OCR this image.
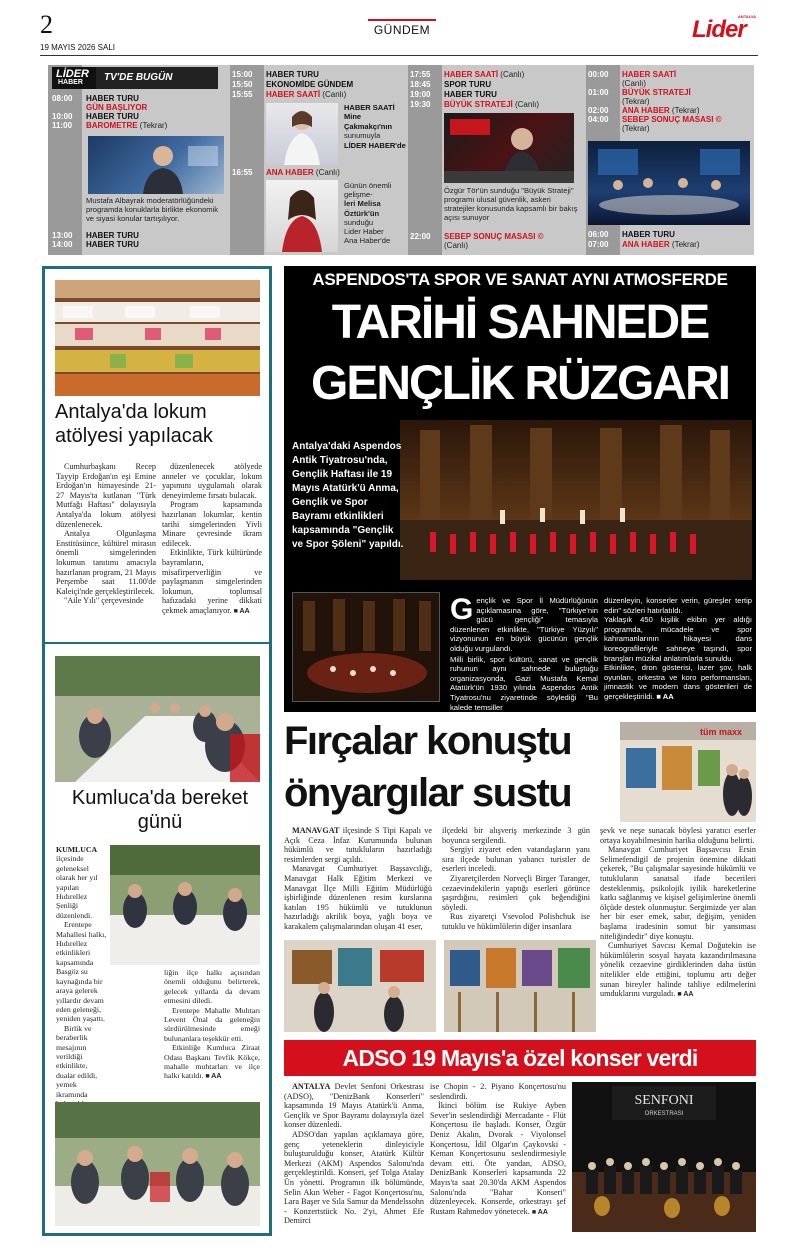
2
19 MAYIS 2026 SALI
GÜNDEM
ANTALYA
Lider
LİDER
HABER TV'DE BUGÜN
08:00
10:00
11:00
HABER TURU
GÜN BAŞLIYOR
HABER TURU
BAROMETRE (Tekrar)
Mustafa Albayrak moderatörlüğündeki programda konuklarla birlikte ekonomik ve siyasi konular tartışılıyor.
13:00
14:00
HABER TURU
HABER TURU
15:00
15:50
15:55
HABER TURU
EKONOMİDE GÜNDEM
HABER SAATİ (Canlı)
HABER SAATİ
Mine
Çakmakçı'nın
sunumuyla
LİDER HABER'de
16:55 ANA HABER (Canlı)
Günün önemli
gelişme-
leri Melisa
Öztürk'ün
sunduğu
Lider Haber
Ana Haber'de
17:55
18:45
19:00
19:30
HABER SAATİ (Canlı)
SPOR TURU
HABER TURU
BÜYÜK STRATEJİ (Canlı)
Özgür Tör'ün sunduğu "Büyük Strateji" programı ulusal güvenlik, askeri stratejiler konusunda kapsamlı bir bakış açısı sunuyor
22:00 SEBEP SONUÇ MASASI ©
(Canlı)
00:00
01:00
02:00
04:00
HABER SAATİ
(Canlı)
BÜYÜK STRATEJİ
(Tekrar)
ANA HABER (Tekrar)
SEBEP SONUÇ MASASI ©
(Tekrar)
06:00
07:00
HABER TURU
ANA HABER (Tekrar)
Antalya'da lokum atölyesi yapılacak

Cumhurbaşkanı Recep Tayyip Erdoğan'ın eşi Emine Erdoğan'ın himayesinde 21-27 Mayıs'ta kutlanan "Türk Mutfağı Haftası" dolayısıyla Antalya'da lokum atölyesi düzenlenecek.

Antalya Olgunlaşma Enstitüsünce, kültürel mirasın önemli simgelerinden lokumun tanıtımı amacıyla hazırlanan program, 21 Mayıs Perşembe saat 11.00'de Kaleiçi'nde gerçekleştirilecek.

"Aile Yılı" çerçevesinde

düzenlenecek atölyede anneler ve çocuklar, lokum yapımını uygulamalı olarak deneyimleme fırsatı bulacak.

Program kapsamında hazırlanan lokumlar, kentin tarihi simgelerinden Yivli Minare çevresinde ikram edilecek.

Etkinlikte, Türk kültüründe bayramların, misafirperverliğin ve paylaşmanın simgelerinden lokumun, toplumsal hafızadaki yerine dikkati çekmek amaçlanıyor. ■ AA

Kumluca'da bereket günü

KUMLUCA ilçesinde geleneksel olarak her yıl yapılan Hıdırellez Şenliği düzenlendi.

Erentepe Mahallesi halkı, Hıdırellez etkinlikleri kapsamında Basgöz su kaynağında bir araya gelerek yıllardır devam eden geleneği, yeniden yaşattı.

Birlik ve beraberlik mesajının verildiği etkinlikte, dualar edildi, yemek ikramında

liğin ilçe halkı açısından önemli olduğunu belirterek, gelecek yıllarda da devam etmesini diledi.

Erentepe Mahalle Muhtarı Levent Önal da geleneğin sürdürülmesinde emeği bulunanlara teşekkür etti.

Etkinliğe Kumluca Ziraat Odası Başkanı Tevfik Kökçe, mahalle muhtarları ve ilçe halkı katıldı. ■ AA

ASPENDOS'TA SPOR VE SANAT AYNI ATMOSFERDE
TARİHİ SAHNEDE
GENÇLİK RÜZGARI
Antalya'daki Aspendos Antik Tiyatrosu'nda, Gençlik Haftası ile 19 Mayıs Atatürk'ü Anma, Gençlik ve Spor Bayramı etkinlikleri kapsamında "Gençlik ve Spor Şöleni" yapıldı.
Gençlik ve Spor İl Müdürlüğünün açıklamasına göre, "Türkiye'nin gücü gençliği" temasıyla düzenlenen etkinlikte, "Türkiye Yüzyılı" vizyonunun en büyük gücünün gençlik olduğu vurgulandı.
Milli birlik, spor kültürü, sanat ve gençlik ruhunun aynı sahnede buluştuğu organizasyonda, Gazi Mustafa Kemal Atatürk'ün 1930 yılında Aspendos Antik Tiyatrosu'nu ziyaretinde söylediği "Bu kalede temsiller
düzenleyin, konserler verin, güreşler tertip edin" sözleri hatırlatıldı.
Yaklaşık 450 kişilik ekibin yer aldığı programda, mücadele ve spor kahramanlarının hikayesi dans koreografileriyle sahneye taşındı, spor branşları müzikal anlatımlarla sunuldu.
Etkinlikte, dron gösterisi, lazer şov, halk oyunları, orkestra ve koro performansları, jimnastik ve modern dans gösterileri de gerçekleştirildi. ■ AA
Fırçalar konuştu
önyargılar sustu
tüm maxx

MANAVGAT ilçesinde S Tipi Kapalı ve Açık Ceza İnfaz Kurumunda bulunan hükümlü ve tutukluların hazırladığı resimlerden sergi açıldı.

Manavgat Cumhuriyet Başsavcılığı, Manavgat Halk Eğitim Merkezi ve Manavgat İlçe Milli Eğitim Müdürlüğü işbirliğinde düzenlenen resim kurslarına katılan 195 hükümlü ve tutuklunun hazırladığı akrilik boya, yağlı boya ve karakalem çalışmalarından oluşan 41 eser,

ilçedeki bir alışveriş merkezinde 3 gün boyunca sergilendi.

Sergiyi ziyaret eden vatandaşların yanı sıra ilçede bulunan yabancı turistler de eserleri inceledi.

Ziyaretçilerden Norveçli Birger Taranger, cezaevindekilerin yaptığı eserleri görünce şaşırdığını, resimleri çok beğendiğini söyledi.

Rus ziyaretçi Vsevolod Polishchuk ise tutuklu ve hükümlülerin diğer insanlara

şevk ve neşe sunacak böylesi yaratıcı eserler ortaya koyabilmesinin harika olduğunu belirtti.

Manavgat Cumhuriyet Başsavcısı Ersin Selimefendigil de projenin önemine dikkati çekerek, "Bu çalışmalar sayesinde hükümlü ve tutukluların sanatsal ifade becerileri desteklenmiş, psikolojik iyilik hareketlerine katkı sağlanmış ve kişisel gelişimlerine önemli ölçüde destek olunmuştur. Sergimizde yer alan her bir eser emek, sabır, değişim, yeniden başlama iradesinin somut bir yansıması niteliğindedir" diye konuştu.

Cumhuriyet Savcısı Kemal Doğutekin ise hükümlülerin sosyal hayata kazandırılmasına yönelik cezaevine girdiklerinden daha üstün nitelikler elde ettiğini, toplumu artı değer sunan bireyler halinde tahliye edilmelerini umduklarını vurguladı. ■ AA

ADSO 19 Mayıs'a özel konser verdi

ANTALYA Devlet Senfoni Orkestrası (ADSO), "DenizBank Konserleri" kapsamında 19 Mayıs Atatürk'ü Anma, Gençlik ve Spor Bayramı dolayısıyla özel konser düzenledi.

ADSO'dan yapılan açıklamaya göre, genç yeteneklerin dinleyiciyle buluşturulduğu konser, Atatürk Kültür Merkezi (AKM) Aspendos Salonu'nda gerçekleştirildi. Konseri, şef Tolga Atalay Ün yönetti. Programın ilk bölümünde, Selin Akın Weber - Fagot Konçertosu'nu, Lara Başer ve Sıla Samur da Mendelssohn - Konzertstück No. 2'yi, Ahmet Efe Demirci

ise Chopin - 2. Piyano Konçertosu'nu seslendirdi.

İkinci bölüm ise Rukiye Ayben Sever'in seslendirdiği Mercadante - Flüt Konçertosu ile başladı. Konser, Özgür Deniz Akalın, Dvorak - Viyolonsel Konçertosu, İdil Olgar'ın Çaykovski - Keman Konçertosunu seslendirmesiyle devam etti. Öte yandan, ADSO, DenizBank Konserleri kapsamında 22 Mayıs'ta saat 20.30'da AKM Aspendos Salonu'nda "Bahar Konseri" düzenleyecek. Konserde, orkestrayı şef Rustam Rahmedov yönetecek. ■ AA

SENFONI
ORKESTRASI
